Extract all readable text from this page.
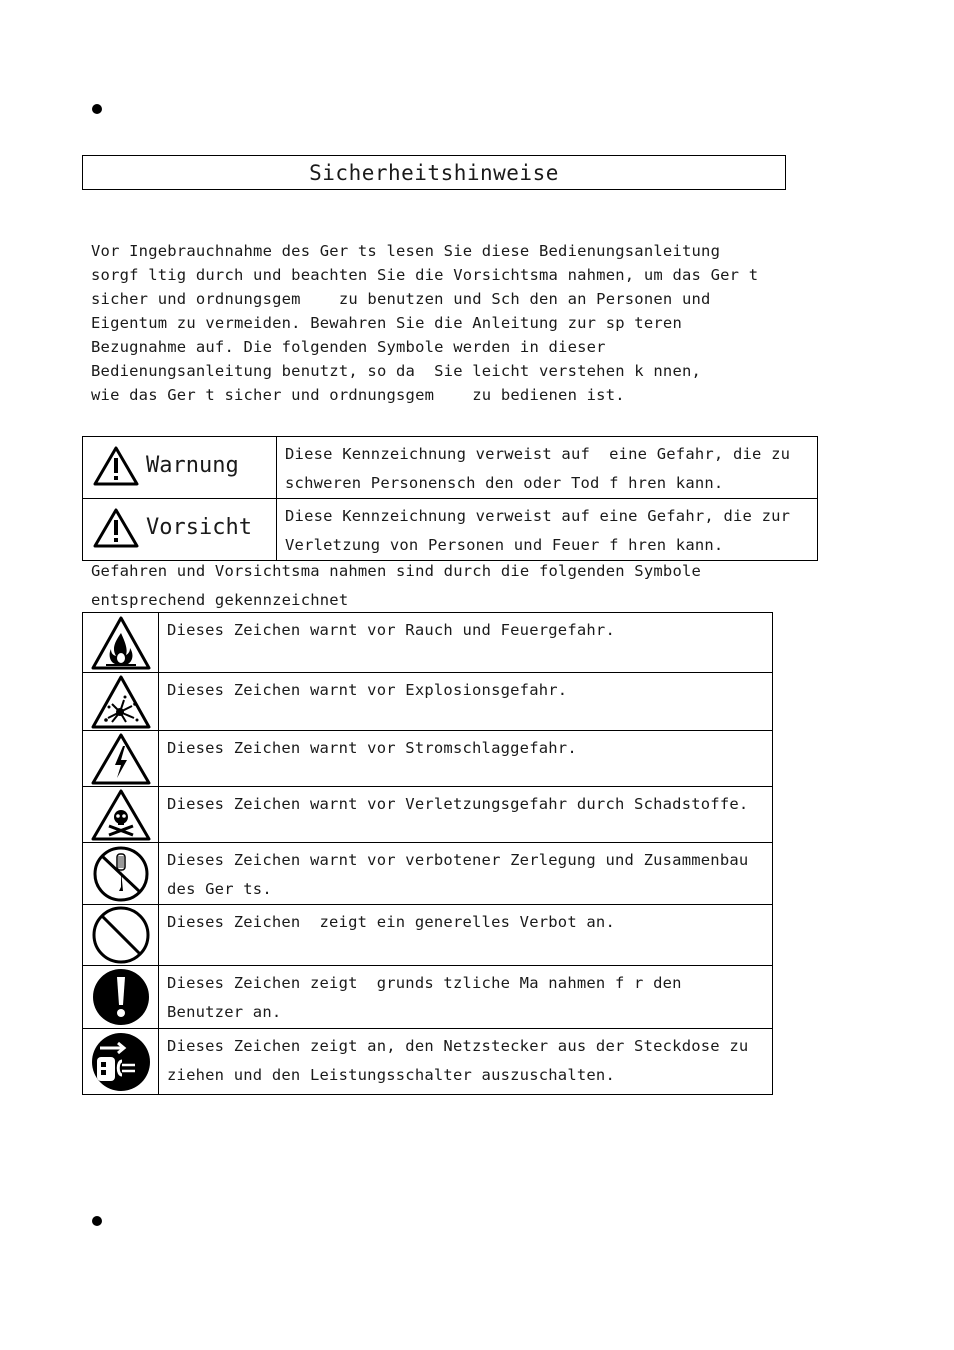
Sicherheitshinweise
Vor Ingebrauchnahme des Ger ts lesen Sie diese Bedienungsanleitung
sorgf ltig durch und beachten Sie die Vorsichtsma nahmen, um das Ger t
sicher und ordnungsgem    zu benutzen und Sch den an Personen und
Eigentum zu vermeiden. Bewahren Sie die Anleitung zur sp teren
Bezugnahme auf. Die folgenden Symbole werden in dieser
Bedienungsanleitung benutzt, so da  Sie leicht verstehen k nnen,
wie das Ger t sicher und ordnungsgem    zu bedienen ist.
Warnung	Diese Kennzeichnung verweist auf  eine Gefahr, die zu
schweren Personensch den oder Tod f hren kann.

Vorsicht	Diese Kennzeichnung verweist auf eine Gefahr, die zur
Verletzung von Personen und Feuer f hren kann.
Gefahren und Vorsichtsma nahmen sind durch die folgenden Symbole
entsprechend gekennzeichnet
	Dieses Zeichen warnt vor Rauch und Feuergefahr.

	Dieses Zeichen warnt vor Explosionsgefahr.

	Dieses Zeichen warnt vor Stromschlaggefahr.

	Dieses Zeichen warnt vor Verletzungsgefahr durch Schadstoffe.

	Dieses Zeichen warnt vor verbotener Zerlegung und Zusammenbau
des Ger ts.

	Dieses Zeichen  zeigt ein generelles Verbot an.

	Dieses Zeichen zeigt  grunds tzliche Ma nahmen f r den
Benutzer an.

	Dieses Zeichen zeigt an, den Netzstecker aus der Steckdose zu
ziehen und den Leistungsschalter auszuschalten.
